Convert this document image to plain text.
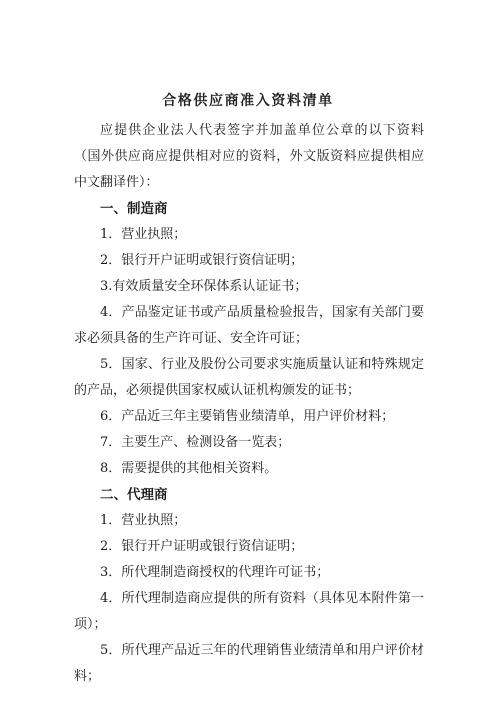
合格供应商准入资料清单

应提供企业法人代表签字并加盖单位公章的以下资料（国外供应商应提供相对应的资料，外文版资料应提供相应中文翻译件）：

一、制造商

1．营业执照；

2．银行开户证明或银行资信证明；

3.有效质量安全环保体系认证证书；

4．产品鉴定证书或产品质量检验报告，国家有关部门要求必须具备的生产许可证、安全许可证；

5．国家、行业及股份公司要求实施质量认证和特殊规定的产品，必须提供国家权威认证机构颁发的证书；

6．产品近三年主要销售业绩清单，用户评价材料；

7．主要生产、检测设备一览表；

8．需要提供的其他相关资料。

二、代理商

1．营业执照；

2．银行开户证明或银行资信证明；

3．所代理制造商授权的代理许可证书；

4．所代理制造商应提供的所有资料（具体见本附件第一项）；

5．所代理产品近三年的代理销售业绩清单和用户评价材料；
